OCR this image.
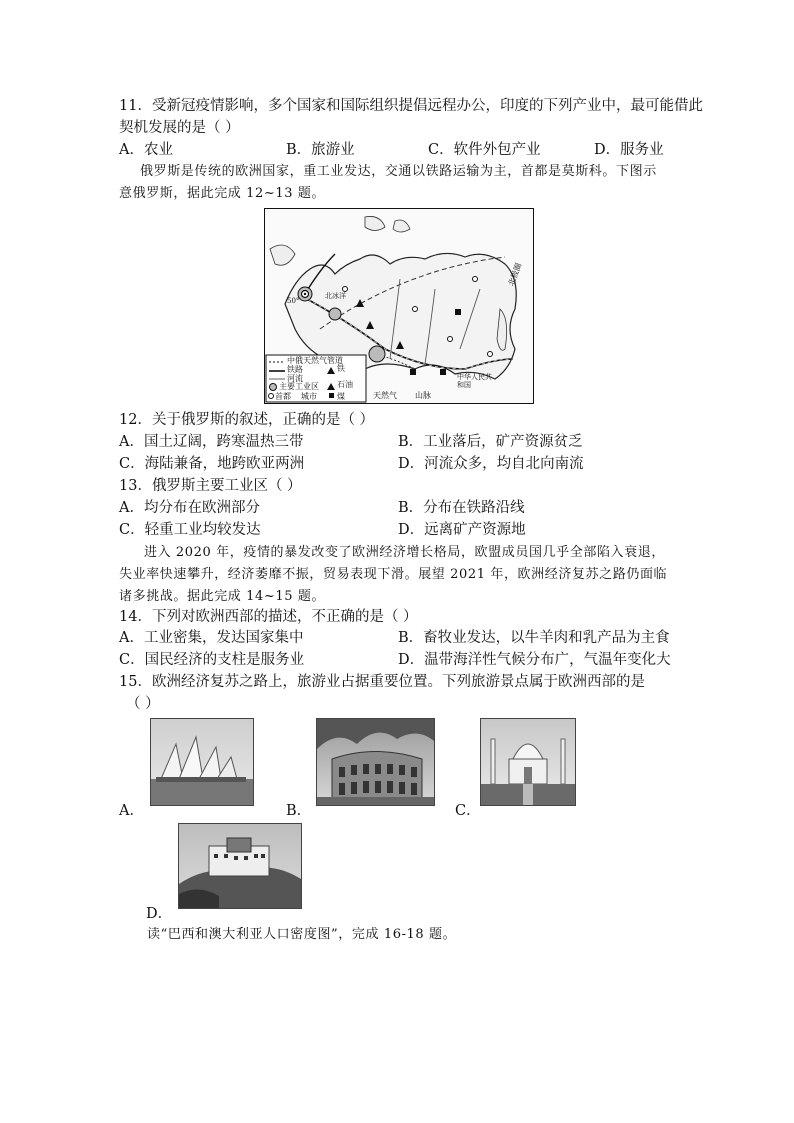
11．受新冠疫情影响，多个国家和国际组织提倡远程办公，印度的下列产业中，最可能借此
契机发展的是（ ）
A．农业	B．旅游业	C．软件外包产业	D．服务业
俄罗斯是传统的欧洲国家，重工业发达，交通以铁路运输为主，首都是莫斯科。下图示
意俄罗斯，据此完成 12~13 题。
中俄天然气管道
铁路
河流
主要工业区
首都 城市
铁
石油
煤	天然气 山脉
北极圈
北冰洋
50°
中华人民共和国
12．关于俄罗斯的叙述，正确的是（ ）
A．国土辽阔，跨寒温热三带	B．工业落后，矿产资源贫乏
C．海陆兼备，地跨欧亚两洲	D．河流众多，均自北向南流
13．俄罗斯主要工业区（ ）
A．均分布在欧洲部分	B．分布在铁路沿线
C．轻重工业均较发达	D．远离矿产资源地
进入 2020 年，疫情的暴发改变了欧洲经济增长格局，欧盟成员国几乎全部陷入衰退，
失业率快速攀升，经济萎靡不振，贸易表现下滑。展望 2021 年，欧洲经济复苏之路仍面临
诸多挑战。据此完成 14~15 题。
14．下列对欧洲西部的描述，不正确的是（ ）
A．工业密集，发达国家集中	B．畜牧业发达，以牛羊肉和乳产品为主食
C．国民经济的支柱是服务业	D．温带海洋性气候分布广，气温年变化大
15．欧洲经济复苏之路上，旅游业占据重要位置。下列旅游景点属于欧洲西部的是
（ ）
A．	B．	C．
D．
读“巴西和澳大利亚人口密度图”，完成 16-18 题。
